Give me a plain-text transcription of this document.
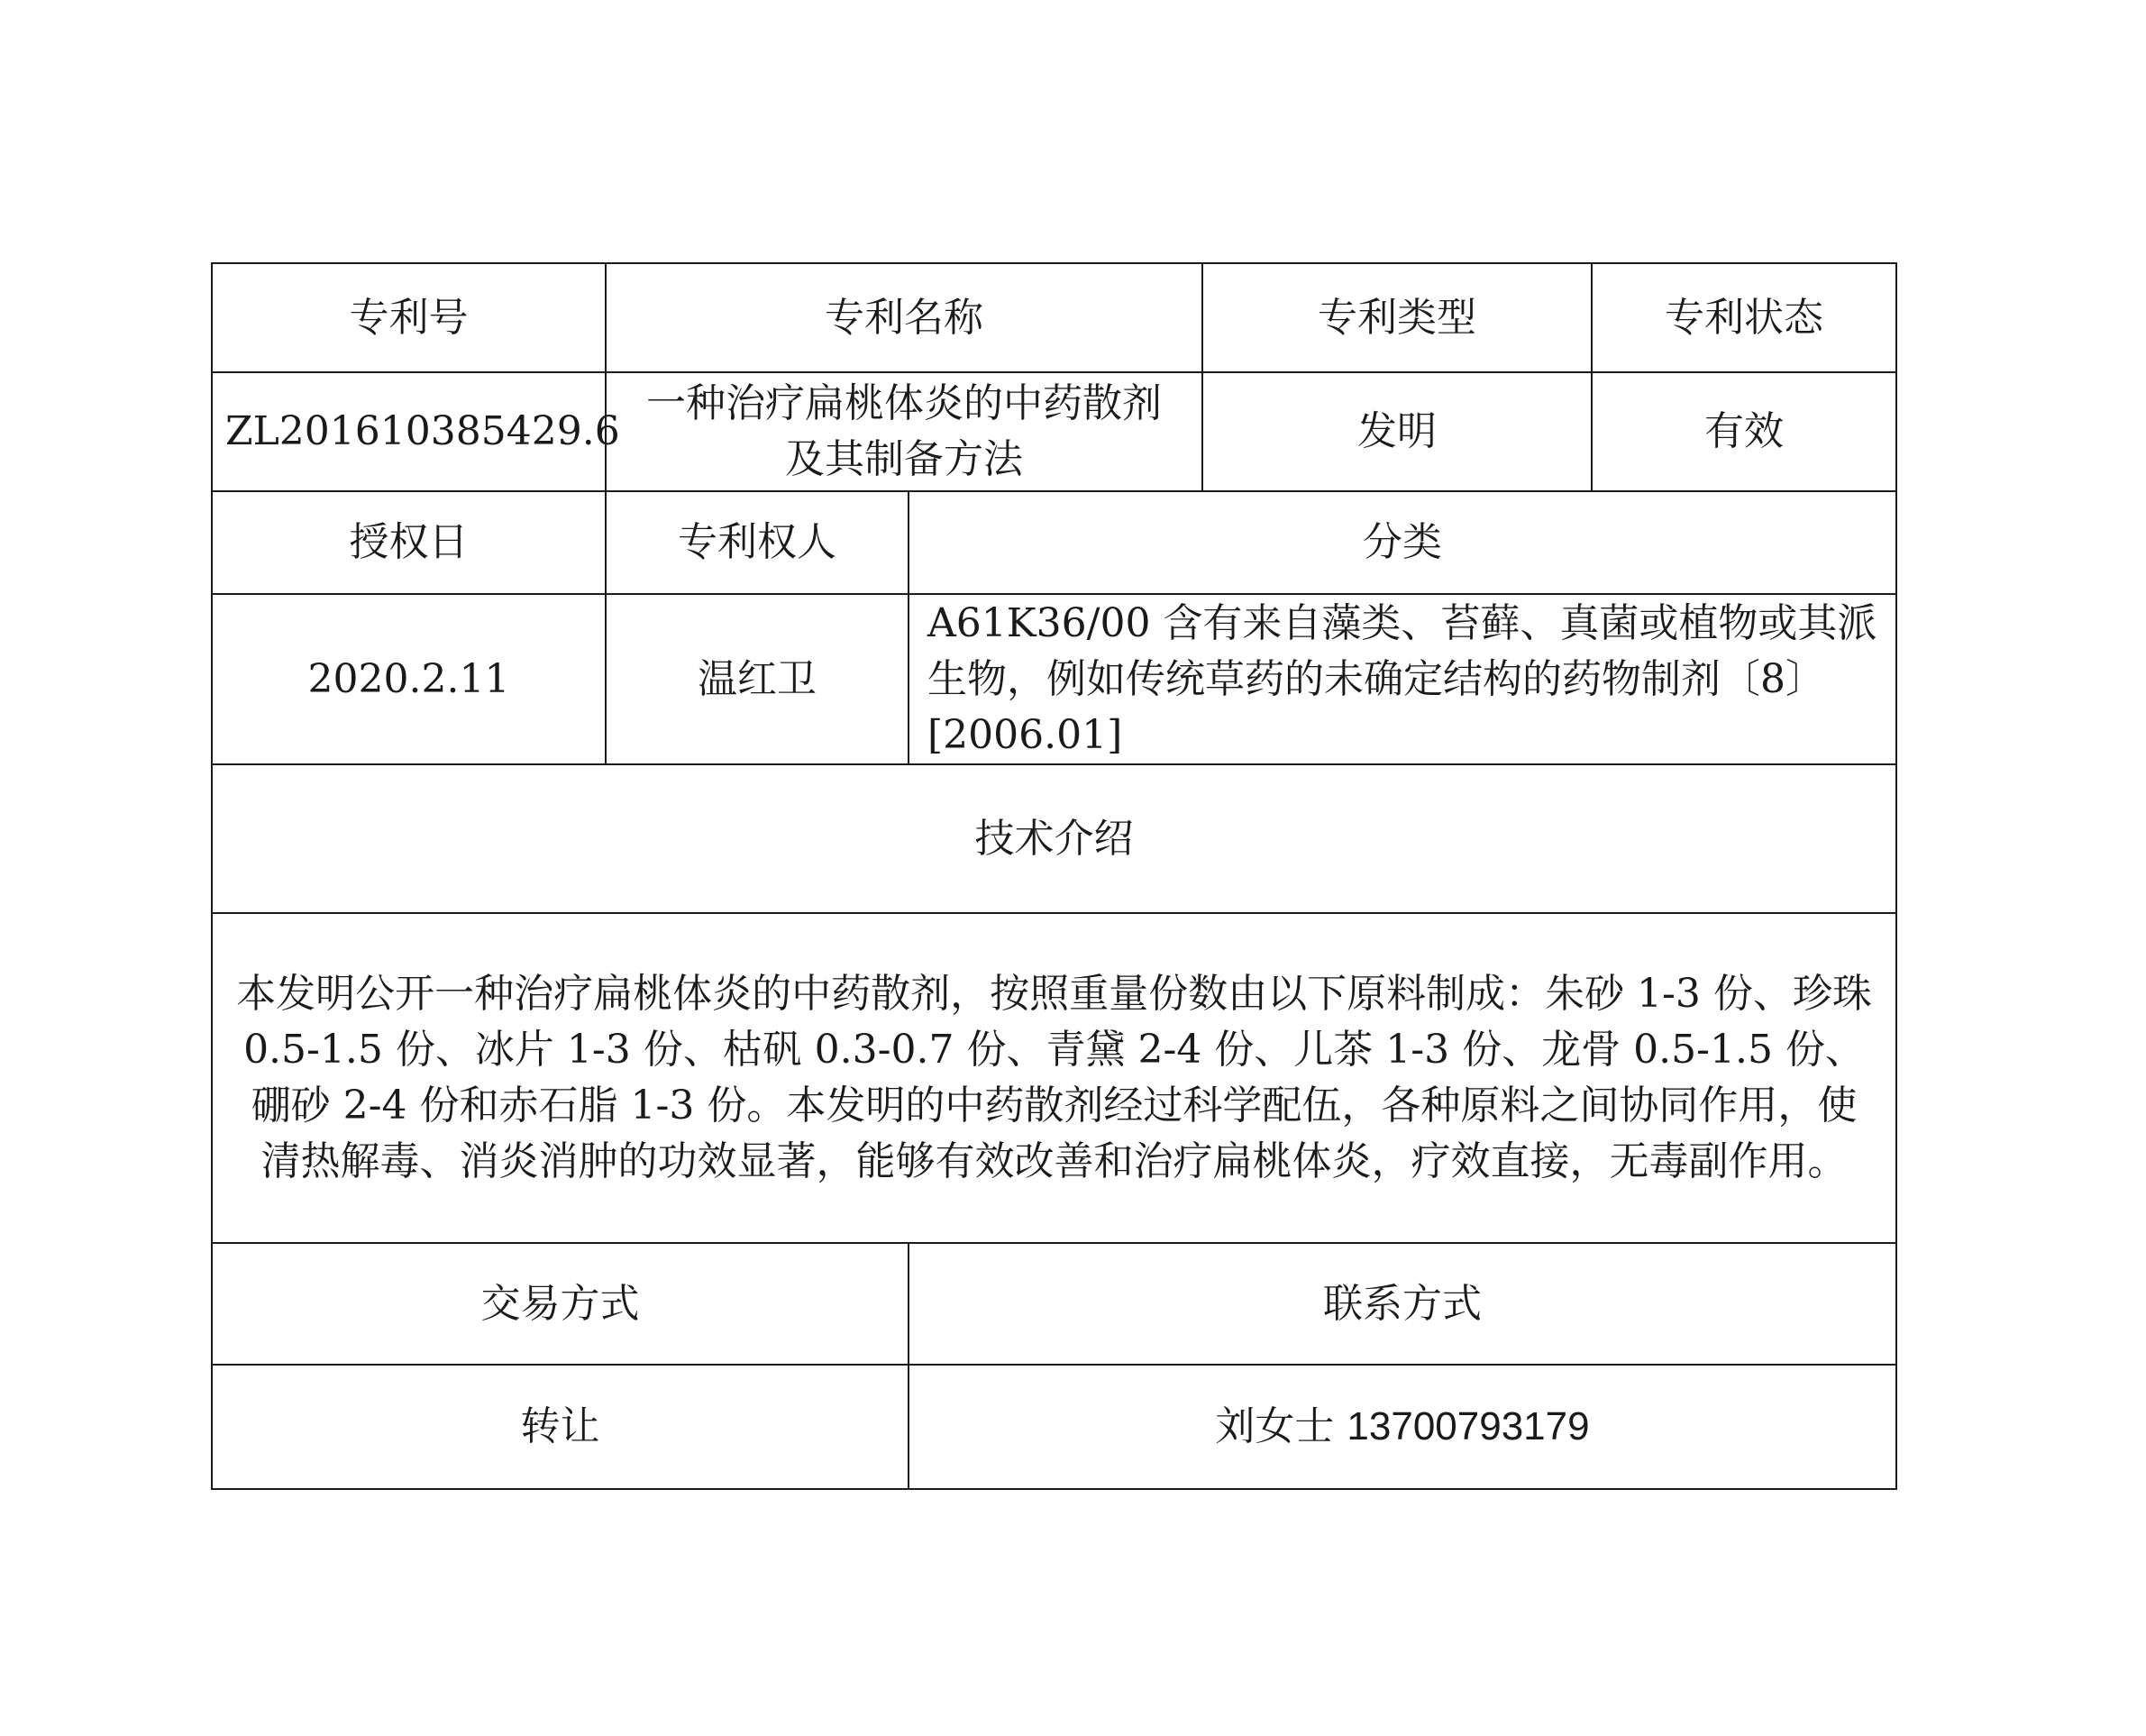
专利号	专利名称		专利类型	专利状态
ZL201610385429.6	一种治疗扁桃体炎的中药散剂及其制备方法		发明	有效
授权日	专利权人	分类		
2020.2.11	温红卫	A61K36/00 含有来自藻类、苔藓、真菌或植物或其派生物，例如传统草药的未确定结构的药物制剂〔8〕[2006.01]		
技术介绍				
本发明公开一种治疗扁桃体炎的中药散剂，按照重量份数由以下原料制成：朱砂 1-3 份、珍珠 0.5-1.5 份、冰片 1-3 份、枯矾 0.3-0.7 份、青黛 2-4 份、儿茶 1-3 份、龙骨 0.5-1.5 份、硼砂 2-4 份和赤石脂 1-3 份。本发明的中药散剂经过科学配伍，各种原料之间协同作用，使清热解毒、消炎消肿的功效显著，能够有效改善和治疗扁桃体炎，疗效直接，无毒副作用。				
交易方式		联系方式		
转让		刘女士 13700793179		
